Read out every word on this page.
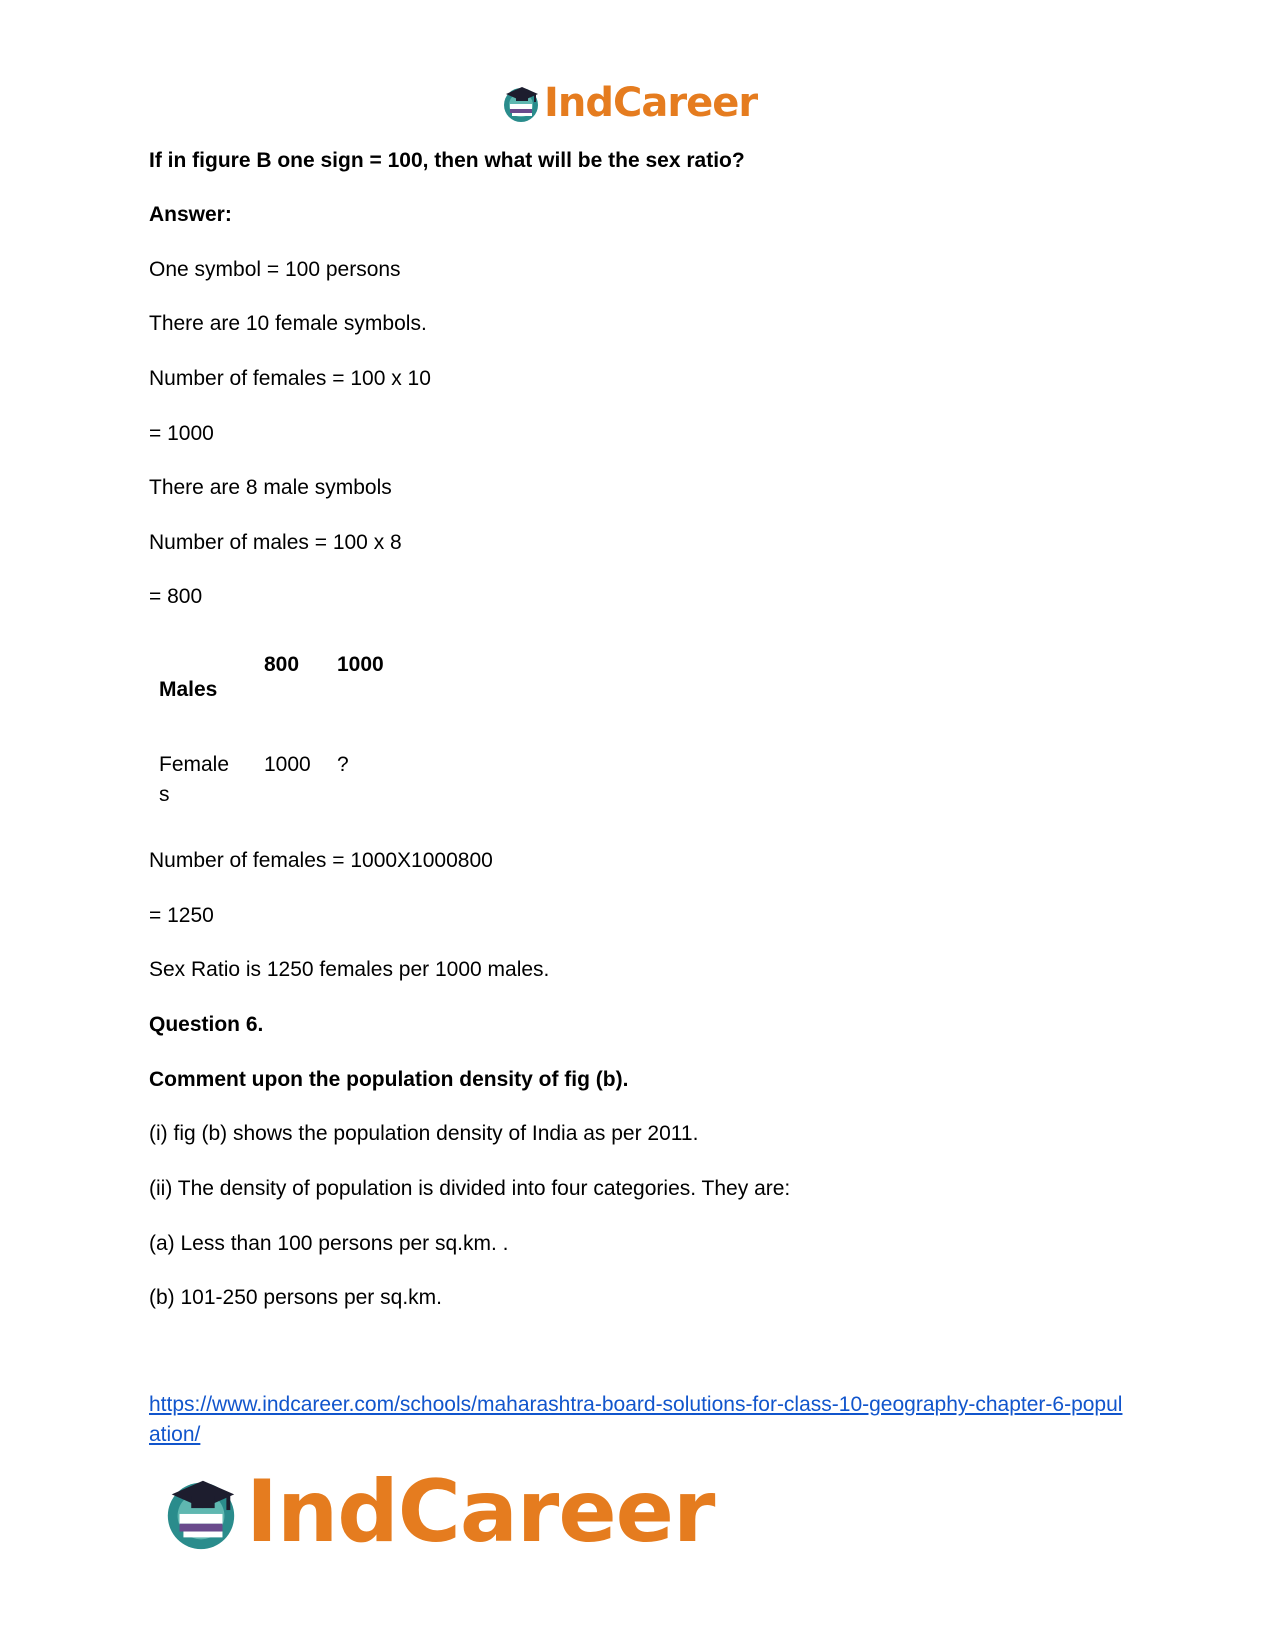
IndCareer
If in figure B one sign = 100, then what will be the sex ratio?
Answer:
One symbol = 100 persons
There are 10 female symbols.
Number of females = 100 x 10
= 1000
There are 8 male symbols
Number of males = 100 x 8
= 800
800 1000
Males
Female
s
1000 ?
Number of females = 1000X1000800
= 1250
Sex Ratio is 1250 females per 1000 males.
Question 6.
Comment upon the population density of fig (b).
(i) fig (b) shows the population density of India as per 2011.
(ii) The density of population is divided into four categories. They are:
(a) Less than 100 persons per sq.km. .
(b) 101-250 persons per sq.km.
https://www.indcareer.com/schools/maharashtra-board-solutions-for-class-10-geography-chapter-6-population/
IndCareer
